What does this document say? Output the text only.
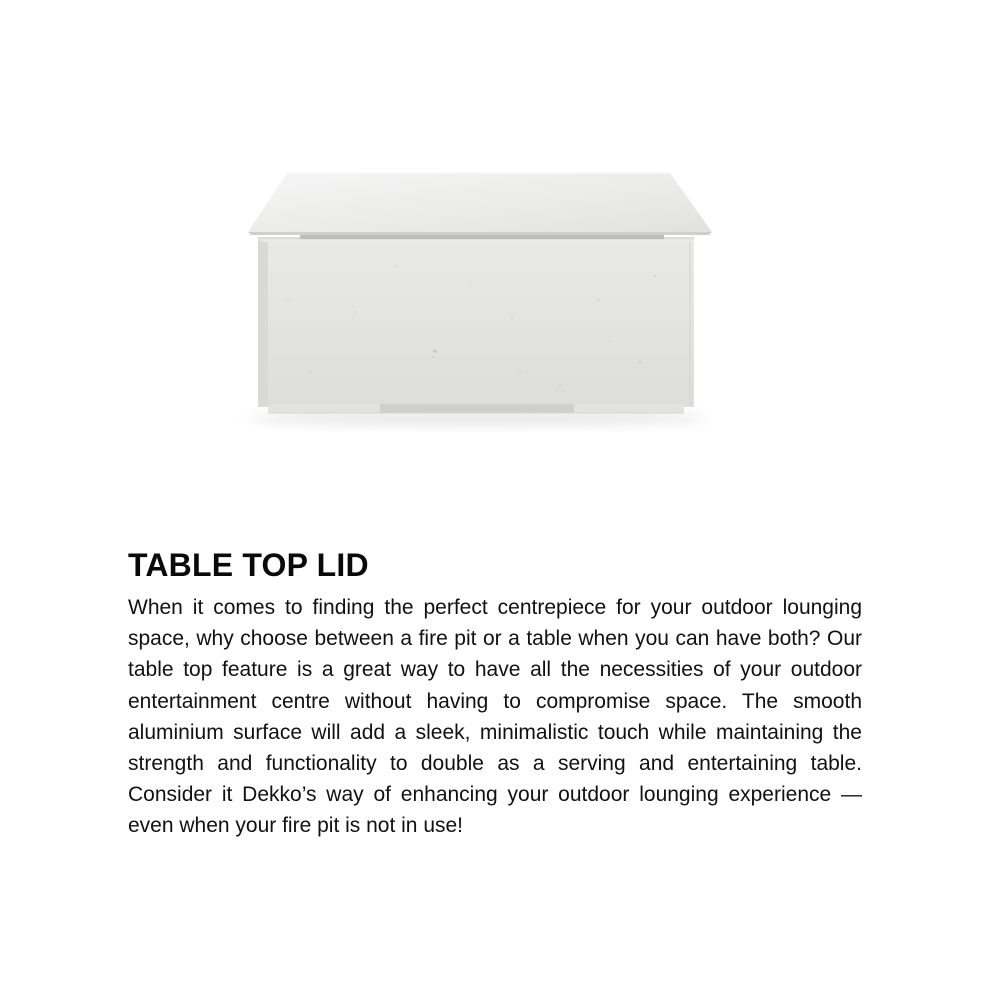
TABLE TOP LID

When it comes to finding the perfect centrepiece for your outdoor lounging space, why choose between a fire pit or a table when you can have both? Our table top feature is a great way to have all the necessities of your outdoor entertainment centre without having to compromise space. The smooth aluminium surface will add a sleek, minimalistic touch while maintaining the strength and functionality to double as a serving and entertaining table. Consider it Dekko’s way of enhancing your outdoor lounging experience — even when your fire pit is not in use!
